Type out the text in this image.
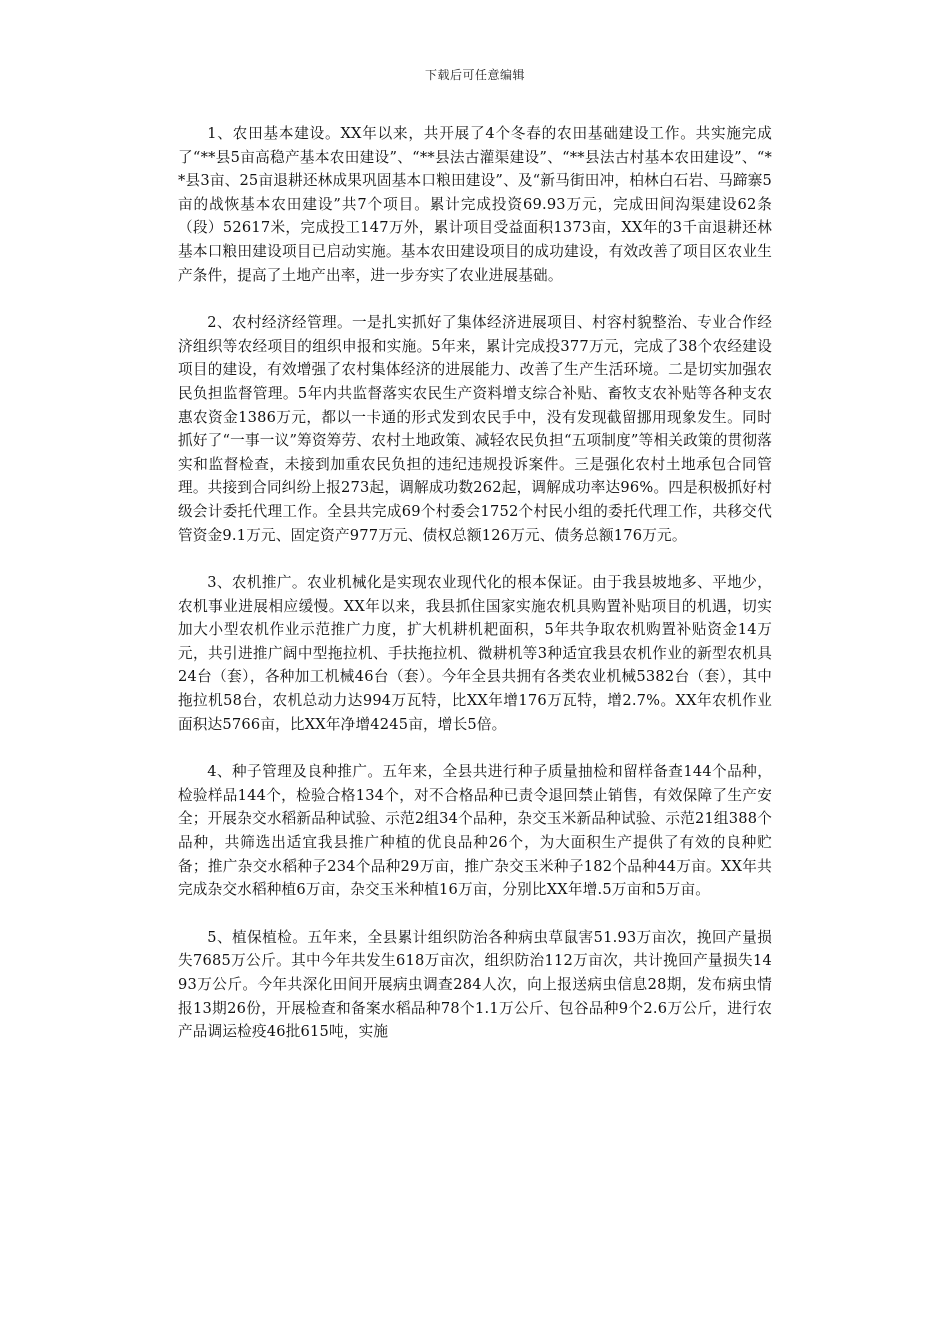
下载后可任意编辑

1、农田基本建设。XX年以来，共开展了4个冬春的农田基础建设工作。共实施完成了“**县5亩高稳产基本农田建设”、“**县法古灌渠建设”、“**县法古村基本农田建设”、“**县3亩、25亩退耕还林成果巩固基本口粮田建设”、及“新马街田冲，柏林白石岩、马蹄寨5亩的战恢基本农田建设”共7个项目。累计完成投资69.93万元，完成田间沟渠建设62条（段）52617米，完成投工147万外，累计项目受益面积1373亩，XX年的3千亩退耕还林基本口粮田建设项目已启动实施。基本农田建设项目的成功建设，有效改善了项目区农业生产条件，提高了土地产出率，进一步夯实了农业进展基础。

2、农村经济经管理。一是扎实抓好了集体经济进展项目、村容村貌整治、专业合作经济组织等农经项目的组织申报和实施。5年来，累计完成投377万元，完成了38个农经建设项目的建设，有效增强了农村集体经济的进展能力、改善了生产生活环境。二是切实加强农民负担监督管理。5年内共监督落实农民生产资料增支综合补贴、畜牧支农补贴等各种支农惠农资金1386万元，都以一卡通的形式发到农民手中，没有发现截留挪用现象发生。同时抓好了“一事一议”筹资筹劳、农村土地政策、减轻农民负担“五项制度”等相关政策的贯彻落实和监督检查，未接到加重农民负担的违纪违规投诉案件。三是强化农村土地承包合同管理。共接到合同纠纷上报273起，调解成功数262起，调解成功率达96%。四是积极抓好村级会计委托代理工作。全县共完成69个村委会1752个村民小组的委托代理工作，共移交代管资金9.1万元、固定资产977万元、债权总额126万元、债务总额176万元。

3、农机推广。农业机械化是实现农业现代化的根本保证。由于我县坡地多、平地少，农机事业进展相应缓慢。XX年以来，我县抓住国家实施农机具购置补贴项目的机遇，切实加大小型农机作业示范推广力度，扩大机耕机耙面积，5年共争取农机购置补贴资金14万元，共引进推广阔中型拖拉机、手扶拖拉机、微耕机等3种适宜我县农机作业的新型农机具24台（套），各种加工机械46台（套）。今年全县共拥有各类农业机械5382台（套），其中拖拉机58台，农机总动力达994万瓦特，比XX年增176万瓦特，增2.7%。XX年农机作业面积达5766亩，比XX年净增4245亩，增长5倍。

4、种子管理及良种推广。五年来，全县共进行种子质量抽检和留样备查144个品种，检验样品144个，检验合格134个，对不合格品种已责令退回禁止销售，有效保障了生产安全；开展杂交水稻新品种试验、示范2组34个品种，杂交玉米新品种试验、示范21组388个品种，共筛选出适宜我县推广种植的优良品种26个，为大面积生产提供了有效的良种贮备；推广杂交水稻种子234个品种29万亩，推广杂交玉米种子182个品种44万亩。XX年共完成杂交水稻种植6万亩，杂交玉米种植16万亩，分别比XX年增.5万亩和5万亩。

5、植保植检。五年来，全县累计组织防治各种病虫草鼠害51.93万亩次，挽回产量损失7685万公斤。其中今年共发生618万亩次，组织防治112万亩次，共计挽回产量损失1493万公斤。今年共深化田间开展病虫调查284人次，向上报送病虫信息28期，发布病虫情报13期26份，开展检查和备案水稻品种78个1.1万公斤、包谷品种9个2.6万公斤，进行农产品调运检疫46批615吨，实施
